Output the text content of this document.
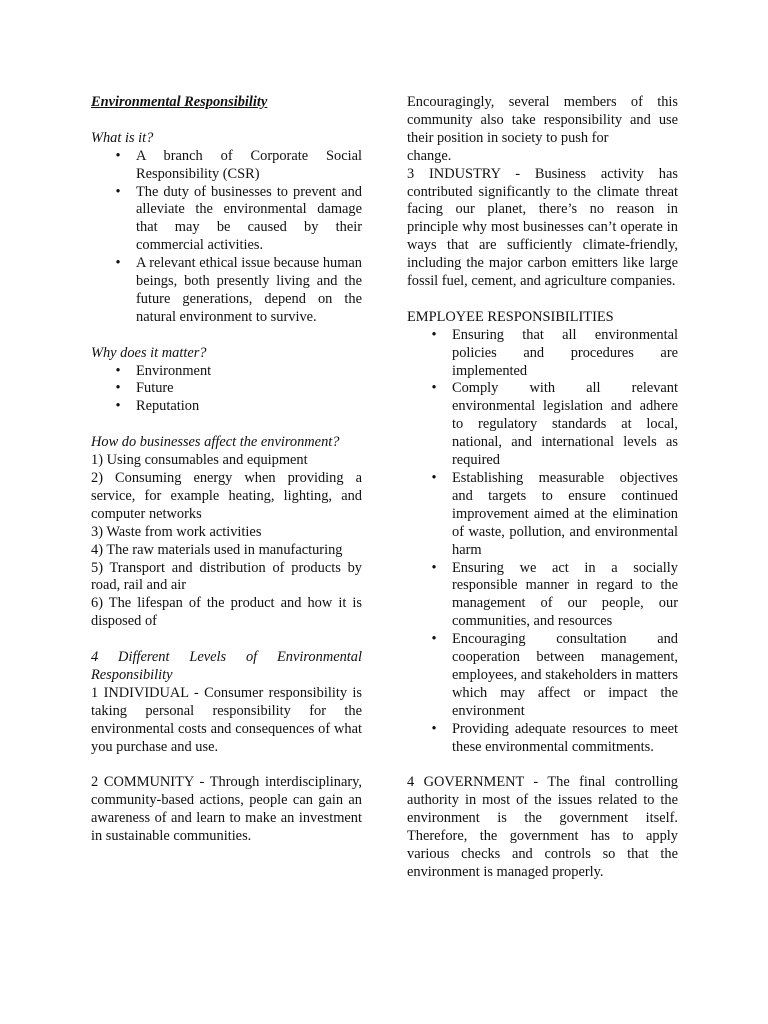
Environmental Responsibility

What is it?

• A branch of Corporate Social Responsibility (CSR)
• The duty of businesses to prevent and alleviate the environmental damage that may be caused by their commercial activities.
• A relevant ethical issue because human beings, both presently living and the future generations, depend on the natural environment to survive.

Why does it matter?

• Environment
• Future
• Reputation

How do businesses affect the environment?

1) Using consumables and equipment

2) Consuming energy when providing a service, for example heating, lighting, and computer networks

3) Waste from work activities

4) The raw materials used in manufacturing

5) Transport and distribution of products by road, rail and air

6) The lifespan of the product and how it is disposed of

4 Different Levels of Environmental Responsibility

1 INDIVIDUAL - Consumer responsibility is taking personal responsibility for the environmental costs and consequences of what you purchase and use.

2 COMMUNITY - Through interdisciplinary, community-based actions, people can gain an awareness of and learn to make an investment in sustainable communities.

Encouragingly, several members of this community also take responsibility and use their position in society to push for

change.

3 INDUSTRY - Business activity has contributed significantly to the climate threat facing our planet, there’s no reason in principle why most businesses can’t operate in ways that are sufficiently climate-friendly, including the major carbon emitters like large fossil fuel, cement, and agriculture companies.

EMPLOYEE RESPONSIBILITIES

• Ensuring that all environmental policies and procedures are implemented
• Comply with all relevant environmental legislation and adhere to regulatory standards at local, national, and international levels as required
• Establishing measurable objectives and targets to ensure continued improvement aimed at the elimination of waste, pollution, and environmental harm
• Ensuring we act in a socially responsible manner in regard to the management of our people, our communities, and resources
• Encouraging consultation and cooperation between management, employees, and stakeholders in matters which may affect or impact the environment
• Providing adequate resources to meet these environmental commitments.

4 GOVERNMENT - The final controlling authority in most of the issues related to the environment is the government itself. Therefore, the government has to apply various checks and controls so that the environment is managed properly.
